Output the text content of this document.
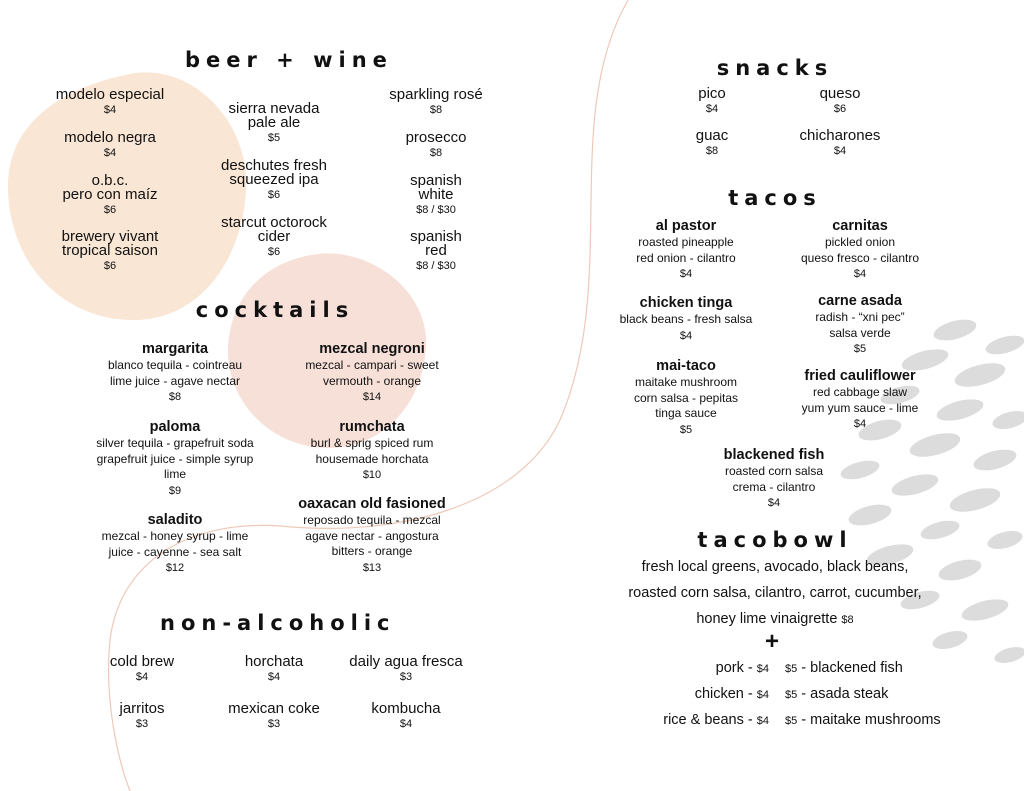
beer + wine
modelo especial
$4
modelo negra
$4
o.b.c.
pero con maíz
$6
brewery vivant
tropical saison
$6
sierra nevada
pale ale
$5
deschutes fresh
squeezed ipa
$6
starcut octorock
cider
$6
sparkling rosé
$8
prosecco
$8
spanish
white
$8 / $30
spanish
red
$8 / $30
cocktails
margarita
blanco tequila - cointreau
lime juice - agave nectar
$8
mezcal negroni
mezcal - campari - sweet
vermouth - orange
$14
paloma
silver tequila - grapefruit soda
grapefruit juice - simple syrup
lime
$9
rumchata
burl & sprig spiced rum
housemade horchata
$10
saladito
mezcal - honey syrup - lime
juice - cayenne - sea salt
$12
oaxacan old fasioned
reposado tequila - mezcal
agave nectar - angostura
bitters - orange
$13
non-alcoholic
cold brew
$4
horchata
$4
daily agua fresca
$3
jarritos
$3
mexican coke
$3
kombucha
$4
snacks
pico
$4
queso
$6
guac
$8
chicharones
$4
tacos
al pastor
roasted pineapple
red onion - cilantro
$4
carnitas
pickled onion
queso fresco - cilantro
$4
chicken tinga
black beans - fresh salsa
$4
carne asada
radish - “xni pec”
salsa verde
$5
mai-taco
maitake mushroom
corn salsa - pepitas
tinga sauce
$5
fried cauliflower
red cabbage slaw
yum yum sauce - lime
$4
blackened fish
roasted corn salsa
crema - cilantro
$4
tacobowl
fresh local greens, avocado, black beans,
roasted corn salsa, cilantro, carrot, cucumber,
honey lime vinaigrette $8
+
pork - $4
chicken - $4
rice & beans - $4
$5 - blackened fish
$5 - asada steak
$5 - maitake mushrooms
